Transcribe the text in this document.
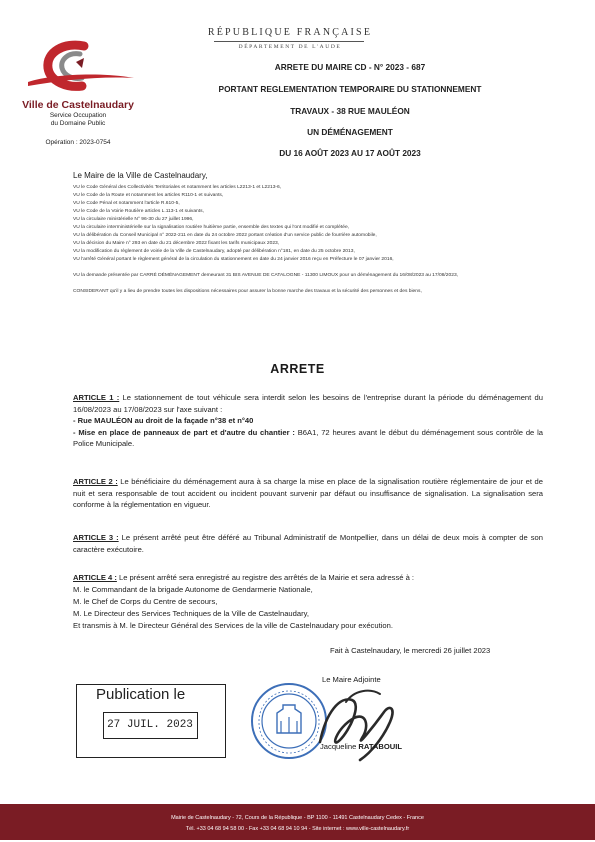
RÉPUBLIQUE FRANÇAISE
DÉPARTEMENT DE L'AUDE
Ville de Castelnaudary
Service Occupation
du Domaine Public
Opération : 2023-0754
ARRETE DU MAIRE CD - N° 2023 - 687
PORTANT REGLEMENTATION TEMPORAIRE DU STATIONNEMENT
TRAVAUX - 38 RUE MAULÉON
UN DÉMÉNAGEMENT
DU 16 AOÛT 2023 AU 17 AOÛT 2023
Le Maire de la Ville de Castelnaudary,
VU le Code Général des Collectivités Territoriales et notamment les articles L2213-1 et L2213-6,
VU le Code de la Route et notamment les articles R110-1 et suivants,
VU le Code Pénal et notamment l'article R.610-5,
VU le Code de la Voirie Routière articles L.113-1 et suivants,
VU la circulaire ministérielle N° 96-30 du 27 juillet 1996,
VU la circulaire interministérielle sur la signalisation routière huitième partie, ensemble des textes qui l'ont modifié et complétée,
VU la délibération du Conseil Municipal n° 2022-211 en date du 24 octobre 2022 portant création d'un service public de fourrière automobile,
VU la décision du Maire n° 293 en date du 21 décembre 2022 fixant les tarifs municipaux 2023,
VU la modification du règlement de voirie de la Ville de Castelnaudary, adopté par délibération n°181, en date du 25 octobre 2013,
VU l'arrêté Général portant le règlement général de la circulation du stationnement en date du 24 janvier 2016 reçu en Préfecture le 07 janvier 2016,
VU la demande présentée par CARRÉ DÉMÉNAGEMENT demeurant 31 BIS AVENUE DE CATALOGNE - 11300 LIMOUX pour un déménagement du 16/08/2023 au 17/08/2023,
CONSIDERANT qu'il y a lieu de prendre toutes les dispositions nécessaires pour assurer la bonne marche des travaux et la sécurité des personnes et des biens,
ARRETE
ARTICLE 1 : Le stationnement de tout véhicule sera interdit selon les besoins de l'entreprise durant la période du déménagement du 16/08/2023 au 17/08/2023 sur l'axe suivant :
- Rue MAULÉON au droit de la façade n°38 et n°40
- Mise en place de panneaux de part et d'autre du chantier : B6A1, 72 heures avant le début du déménagement sous contrôle de la Police Municipale.
ARTICLE 2 : Le bénéficiaire du déménagement aura à sa charge la mise en place de la signalisation routière réglementaire de jour et de nuit et sera responsable de tout accident ou incident pouvant survenir par défaut ou insuffisance de signalisation. La signalisation sera conforme à la réglementation en vigueur.
ARTICLE 3 : Le présent arrêté peut être déféré au Tribunal Administratif de Montpellier, dans un délai de deux mois à compter de son caractère exécutoire.
ARTICLE 4 : Le présent arrêté sera enregistré au registre des arrêtés de la Mairie et sera adressé à :
M. le Commandant de la brigade Autonome de Gendarmerie Nationale,
M. le Chef de Corps du Centre de secours,
M. Le Directeur des Services Techniques de la Ville de Castelnaudary,
Et transmis à M. le Directeur Général des Services de la ville de Castelnaudary pour exécution.
Fait à Castelnaudary, le mercredi 26 juillet 2023
Publication le
27 JUIL. 2023
Le Maire Adjointe
Jacqueline RATABOUIL
Mairie de Castelnaudary - 72, Cours de la République - BP 1100 - 11491 Castelnaudary Cedex - France
Tél. +33 04 68 94 58 00 - Fax +33 04 68 94 10 94 - Site internet : www.ville-castelnaudary.fr
